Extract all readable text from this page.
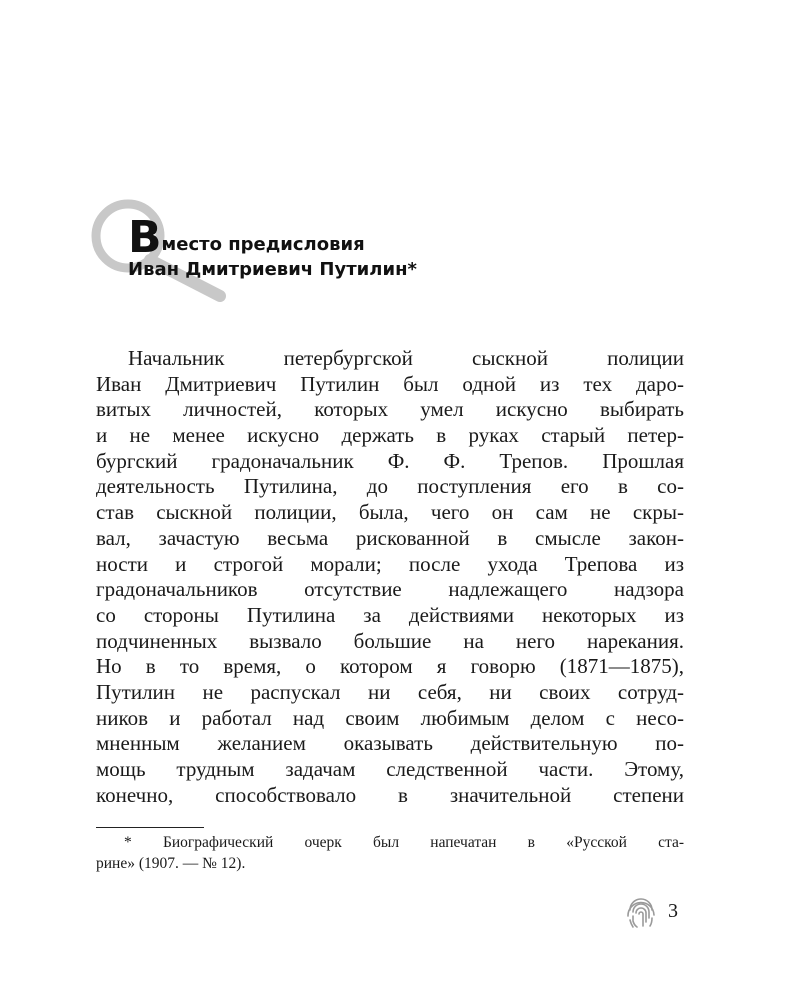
В место предисловия
Иван Дмитриевич Путилин*
Начальник петербургской сыскной полиции
Иван Дмитриевич Путилин был одной из тех даро-
витых личностей, которых умел искусно выбирать
и не менее искусно держать в руках старый петер-
бургский градоначальник Ф. Ф. Трепов. Прошлая
деятельность Путилина, до поступления его в со-
став сыскной полиции, была, чего он сам не скры-
вал, зачастую весьма рискованной в смысле закон-
ности и строгой морали; после ухода Трепова из
градоначальников отсутствие надлежащего надзора
со стороны Путилина за действиями некоторых из
подчиненных вызвало большие на него нарекания.
Но в то время, о котором я говорю (1871—1875),
Путилин не распускал ни себя, ни своих сотруд-
ников и работал над своим любимым делом с несо-
мненным желанием оказывать действительную по-
мощь трудным задачам следственной части. Этому,
конечно, способствовало в значительной степени
* Биографический очерк был напечатан в «Русской ста-
рине» (1907. — № 12).
3
